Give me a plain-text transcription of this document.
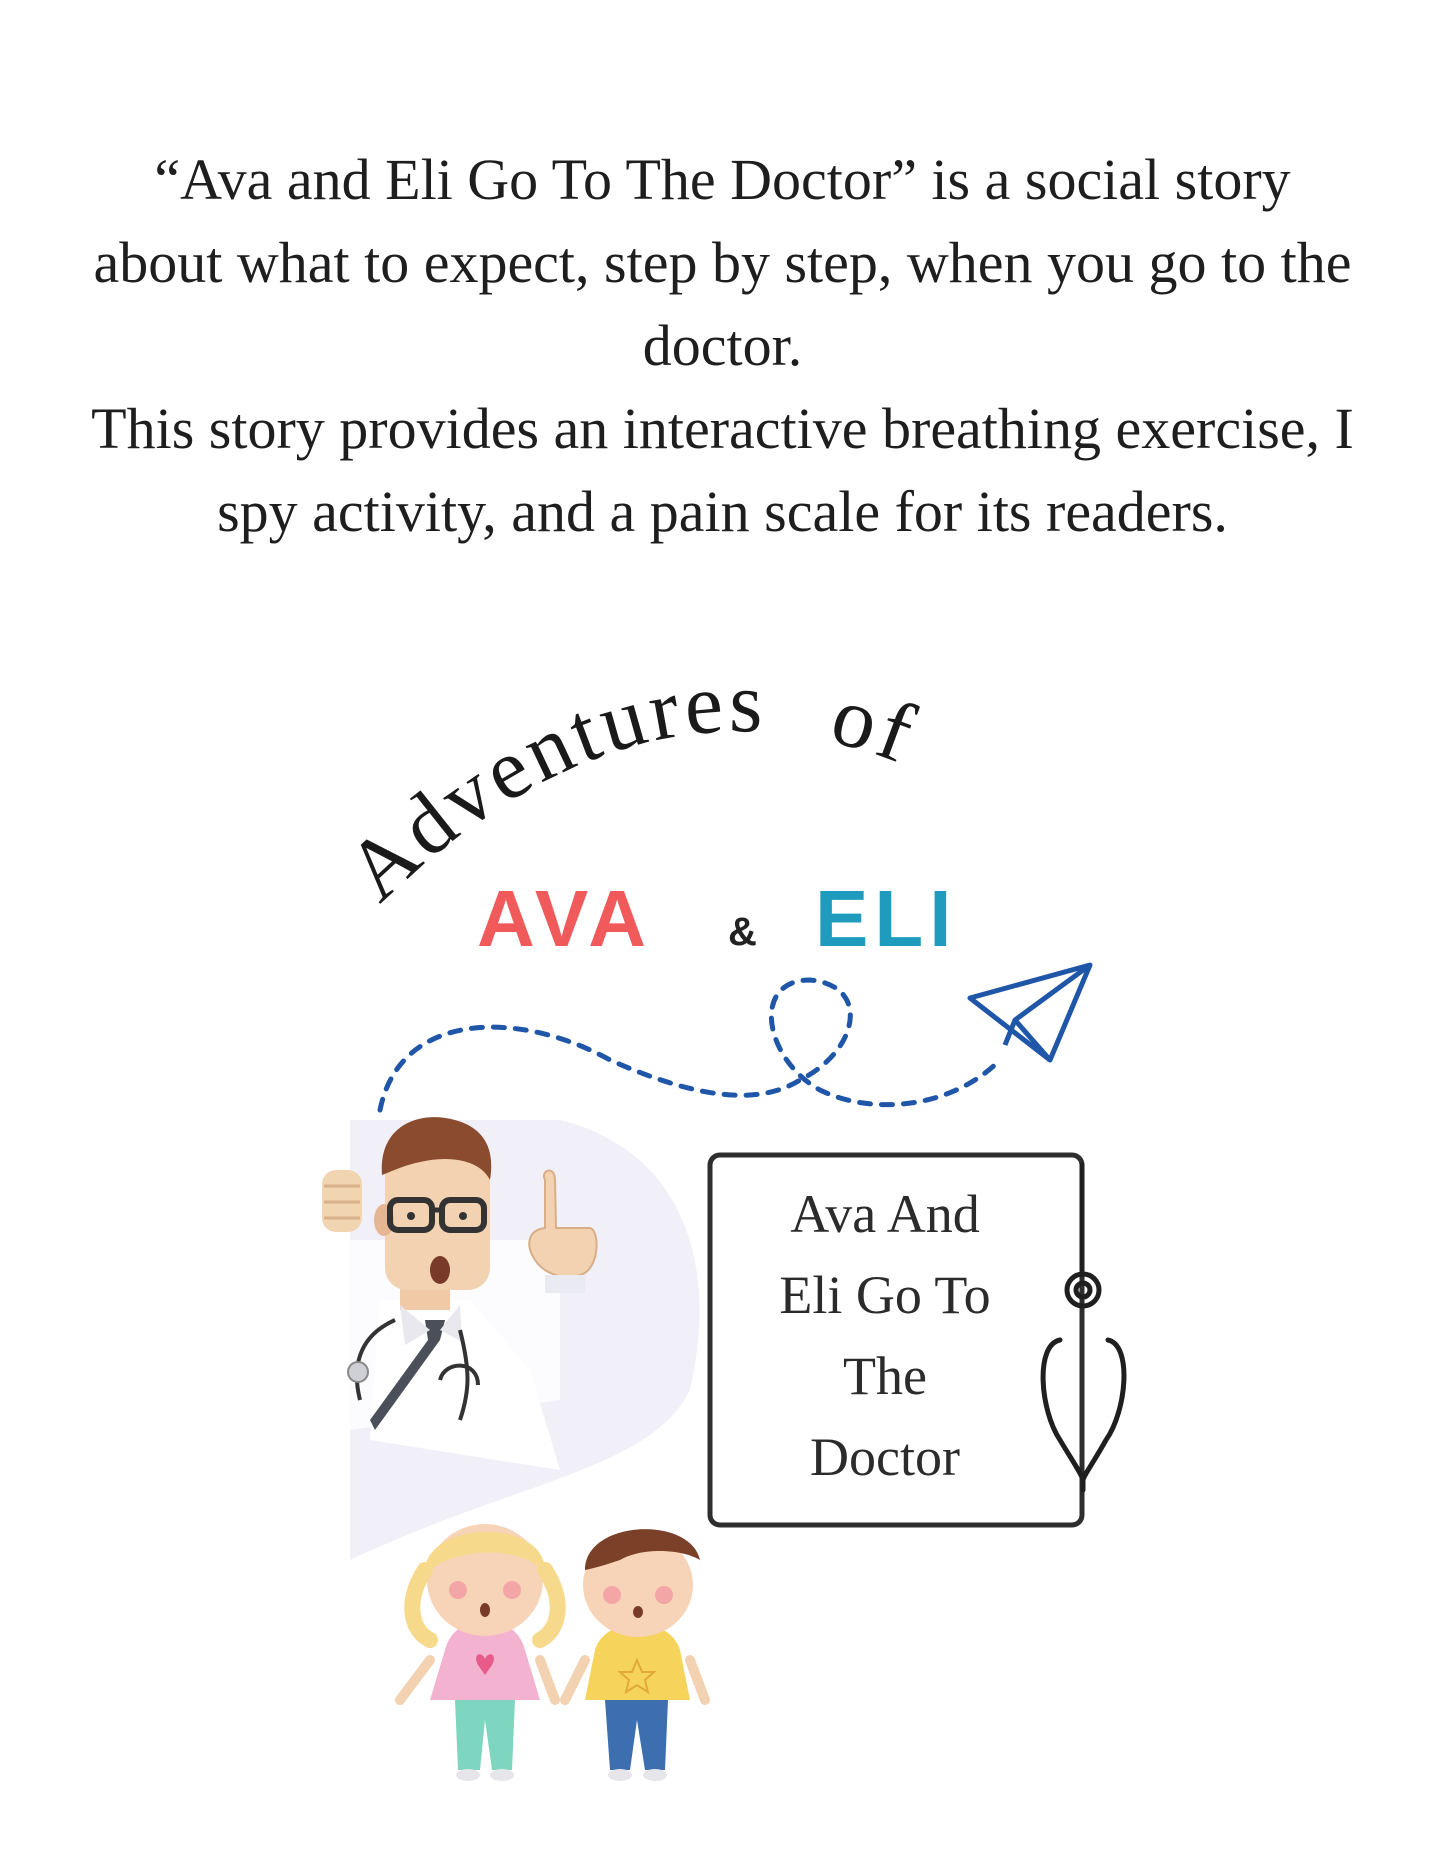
“Ava and Eli Go To The Doctor” is a social story about what to expect, step by step, when you go to the doctor.

This story provides an interactive breathing exercise, I spy activity, and a pain scale for its readers.

Adventures of
AVA & ELI
Ava And
Eli Go To
The
Doctor
